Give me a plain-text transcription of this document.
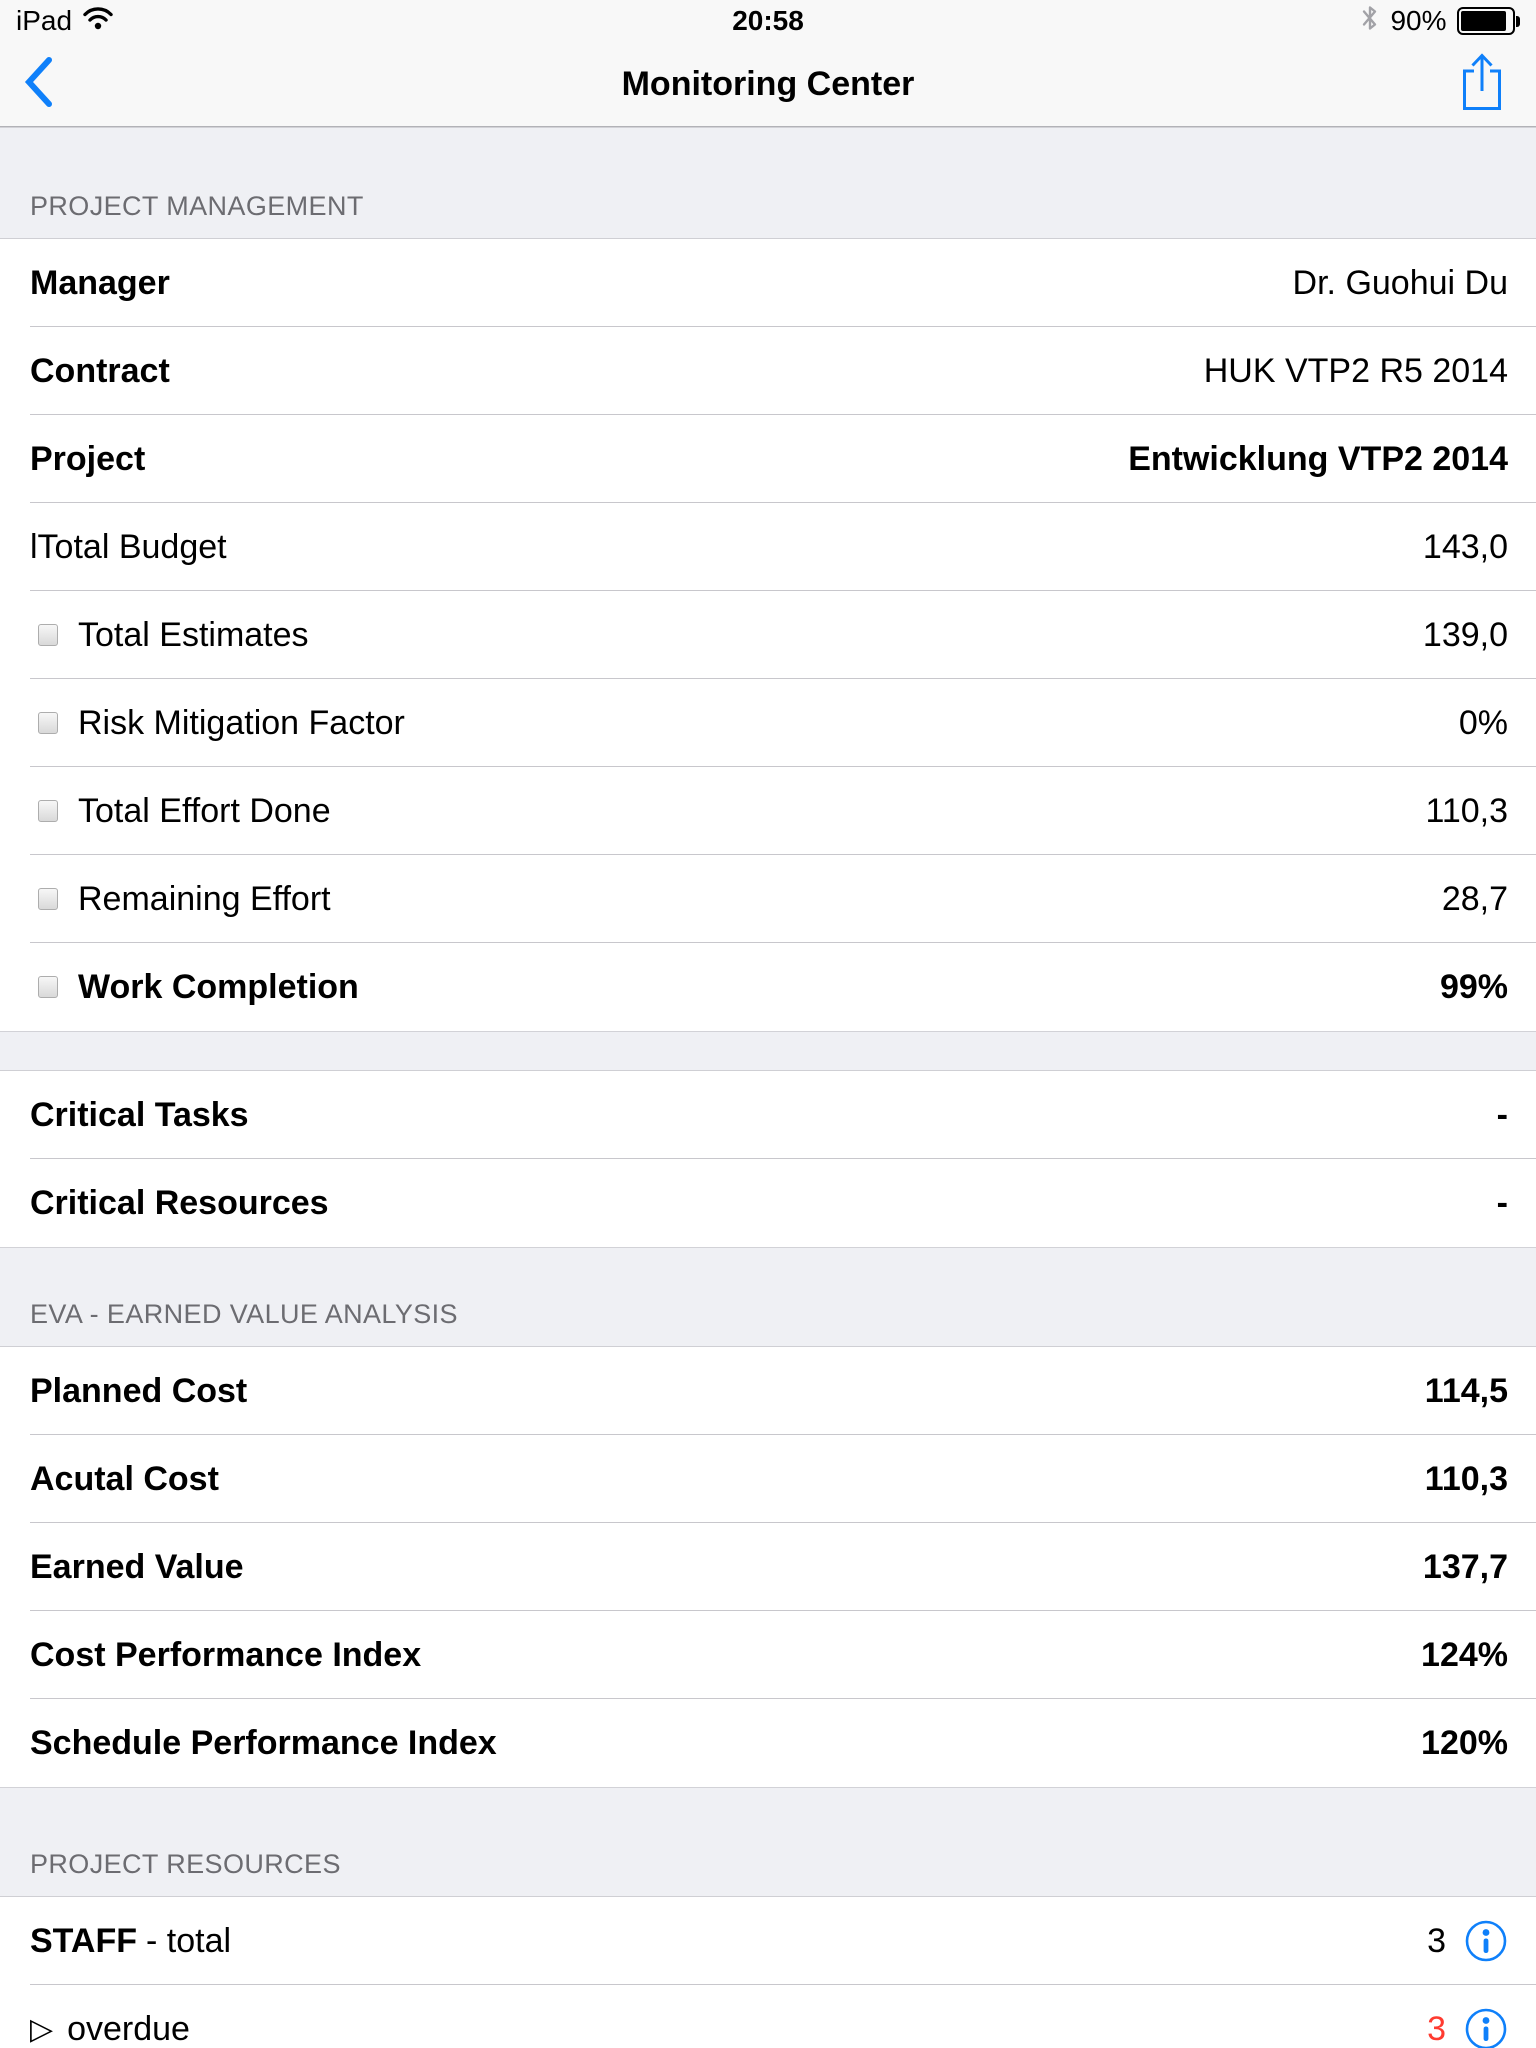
iPad	20:58	90%
Monitoring Center
PROJECT MANAGEMENT
Manager	Dr. Guohui Du
Contract	HUK VTP2 R5 2014
Project	Entwicklung VTP2 2014
lTotal Budget	143,0
Total Estimates	139,0
Risk Mitigation Factor	0%
Total Effort Done	110,3
Remaining Effort	28,7
Work Completion	99%
Critical Tasks	-
Critical Resources	-
EVA - EARNED VALUE ANALYSIS
Planned Cost	114,5
Acutal Cost	110,3
Earned Value	137,7
Cost Performance Index	124%
Schedule Performance Index	120%
PROJECT RESOURCES
STAFF - total	3
▷ overdue	3
